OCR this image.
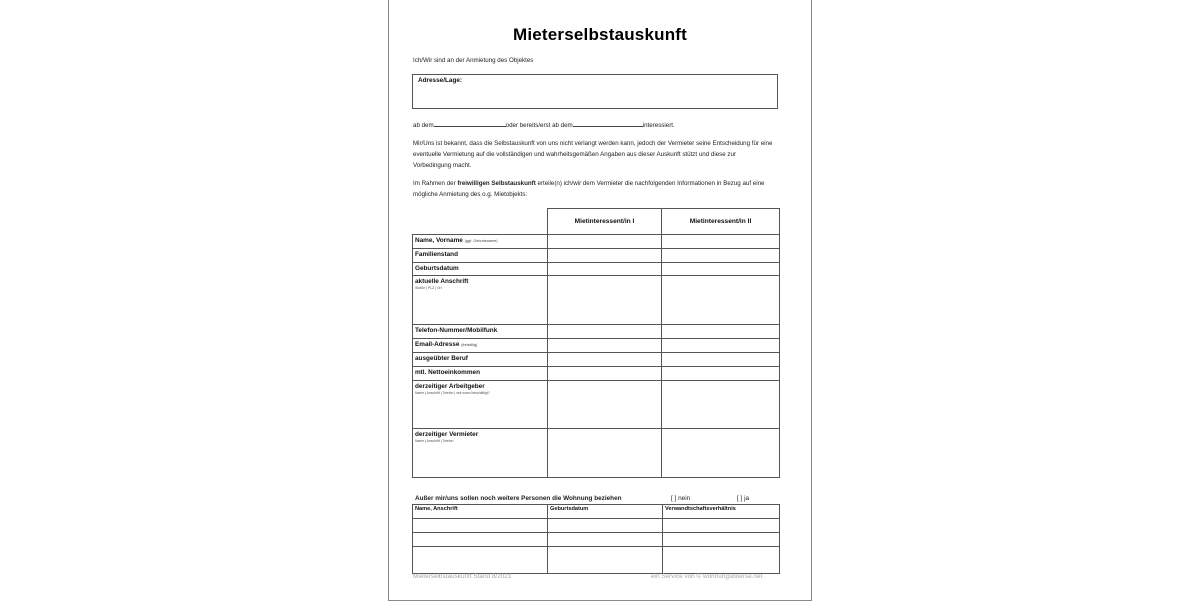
Mieterselbstauskunft
Ich/Wir sind an der Anmietung des Objektes
Adresse/Lage:
ab dem	oder bereits/erst ab dem	interessiert.
Mir/Uns ist bekannt, dass die Selbstauskunft von uns nicht verlangt werden kann, jedoch der Vermieter seine Entscheidung für eine eventuelle Vermietung auf die vollständigen und wahrheitsgemäßen Angaben aus dieser Auskunft stützt und diese zur Vorbedingung macht.
Im Rahmen der freiwilligen Selbstauskunft erteile(n) ich/wir dem Vermieter die nachfolgenden Informationen in Bezug auf eine mögliche Anmietung des o.g. Mietobjekts:
	Mietinteressent/in I	Mietinteressent/in II
Name, Vorname (ggf. Geburtsname)		
Familienstand		
Geburtsdatum		
aktuelle Anschrift
Straße | PLZ | Ort		

Telefon-Nummer/Mobilfunk		
Email-Adresse (freiwillig)		
ausgeübter Beruf		
mtl. Nettoeinkommen		
derzeitiger Arbeitgeber
Name | Anschrift | Telefon | seit wann beschäftigt?		

derzeitiger Vermieter
Name | Anschrift | Telefon		

Außer mir/uns sollen noch weitere Personen die Wohnung beziehen	[ ] nein	[ ] ja
Name, Anschrift	Geburtsdatum	Verwandtschaftsverhältnis

Mieterselbstauskunft Stand 8/2021	ein Service von © wohnungsboerse.net
